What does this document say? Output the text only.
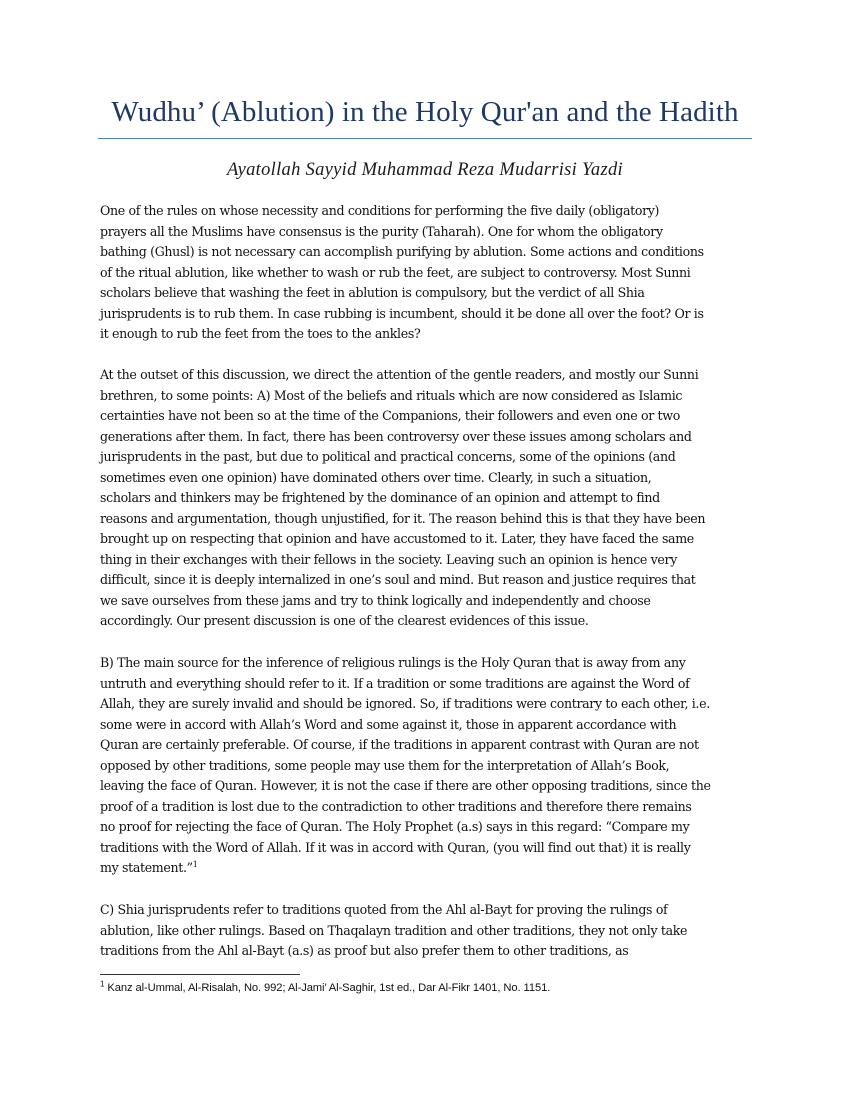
Wudhu’ (Ablution) in the Holy Qur'an and the Hadith
Ayatollah Sayyid Muhammad Reza Mudarrisi Yazdi
One of the rules on whose necessity and conditions for performing the five daily (obligatory)
prayers all the Muslims have consensus is the purity (Taharah). One for whom the obligatory
bathing (Ghusl) is not necessary can accomplish purifying by ablution. Some actions and conditions
of the ritual ablution, like whether to wash or rub the feet, are subject to controversy. Most Sunni
scholars believe that washing the feet in ablution is compulsory, but the verdict of all Shia
jurisprudents is to rub them. In case rubbing is incumbent, should it be done all over the foot? Or is
it enough to rub the feet from the toes to the ankles?
At the outset of this discussion, we direct the attention of the gentle readers, and mostly our Sunni
brethren, to some points: A) Most of the beliefs and rituals which are now considered as Islamic
certainties have not been so at the time of the Companions, their followers and even one or two
generations after them. In fact, there has been controversy over these issues among scholars and
jurisprudents in the past, but due to political and practical concerns, some of the opinions (and
sometimes even one opinion) have dominated others over time. Clearly, in such a situation,
scholars and thinkers may be frightened by the dominance of an opinion and attempt to find
reasons and argumentation, though unjustified, for it. The reason behind this is that they have been
brought up on respecting that opinion and have accustomed to it. Later, they have faced the same
thing in their exchanges with their fellows in the society. Leaving such an opinion is hence very
difficult, since it is deeply internalized in one’s soul and mind. But reason and justice requires that
we save ourselves from these jams and try to think logically and independently and choose
accordingly. Our present discussion is one of the clearest evidences of this issue.
B) The main source for the inference of religious rulings is the Holy Quran that is away from any
untruth and everything should refer to it. If a tradition or some traditions are against the Word of
Allah, they are surely invalid and should be ignored. So, if traditions were contrary to each other, i.e.
some were in accord with Allah’s Word and some against it, those in apparent accordance with
Quran are certainly preferable. Of course, if the traditions in apparent contrast with Quran are not
opposed by other traditions, some people may use them for the interpretation of Allah’s Book,
leaving the face of Quran. However, it is not the case if there are other opposing traditions, since the
proof of a tradition is lost due to the contradiction to other traditions and therefore there remains
no proof for rejecting the face of Quran. The Holy Prophet (a.s) says in this regard: “Compare my
traditions with the Word of Allah. If it was in accord with Quran, (you will find out that) it is really
my statement.”$^1$
C) Shia jurisprudents refer to traditions quoted from the Ahl al-Bayt for proving the rulings of
ablution, like other rulings. Based on Thaqalayn tradition and other traditions, they not only take
traditions from the Ahl al-Bayt (a.s) as proof but also prefer them to other traditions, as
$^1$ Kanz al-Ummal, Al-Risalah, No. 992; Al-Jami’ Al-Saghir, 1st ed., Dar Al-Fikr 1401, No. 1151.
